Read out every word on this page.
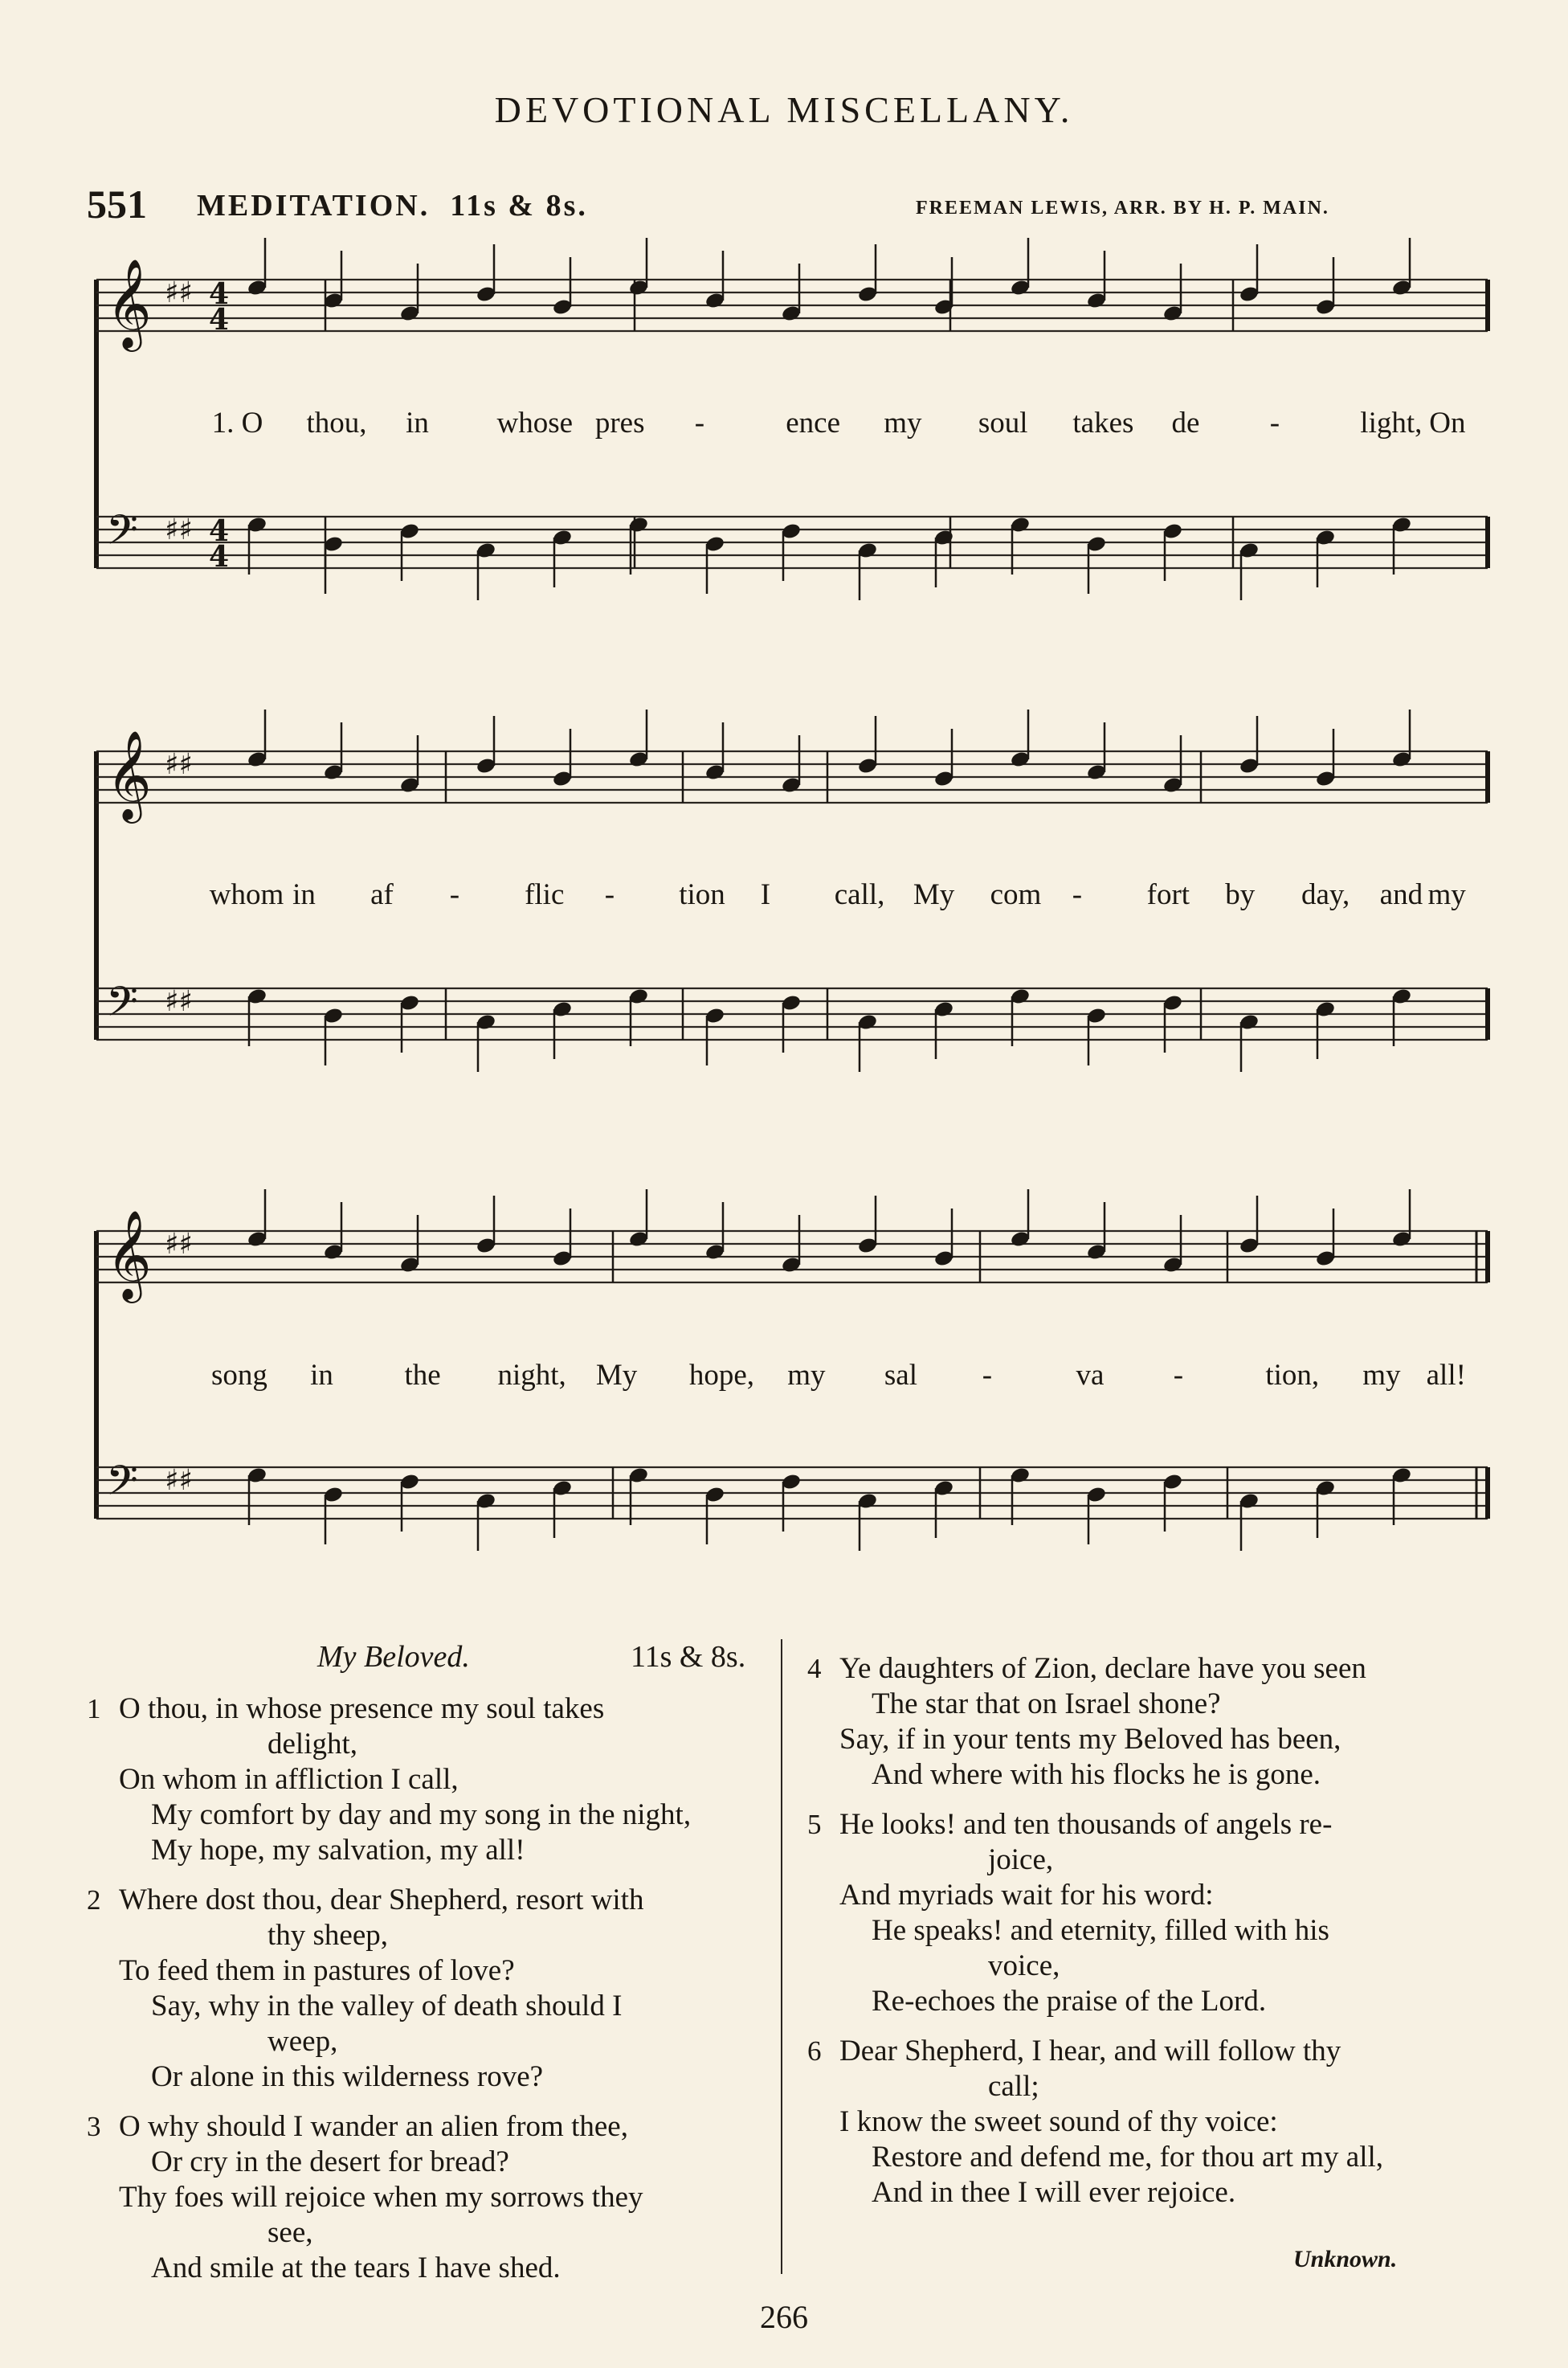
DEVOTIONAL MISCELLANY.
551 MEDITATION. 11s & 8s.	FREEMAN LEWIS, ARR. BY H. P. MAIN.
𝄞 ♯♯ 4
4
𝄢 ♯♯ 4
4
𝄞 ♯♯
𝄢 ♯♯
𝄞 ♯♯
𝄢 ♯♯
1. O thou, in whose pres -	ence my soul takes de -	light, On
whom in af - flic - tion I call, My com - fort by day, and my
song in the night, My hope, my sal -	va -	tion, my all!
My Beloved.	11s & 8s.
1 O thou, in whose presence my soul takes
delight,
On whom in affliction I call,
My comfort by day and my song in the night,
My hope, my salvation, my all!
2 Where dost thou, dear Shepherd, resort with
thy sheep,
To feed them in pastures of love?
Say, why in the valley of death should I
weep,
Or alone in this wilderness rove?
3 O why should I wander an alien from thee,
Or cry in the desert for bread?
Thy foes will rejoice when my sorrows they
see,
And smile at the tears I have shed.
4 Ye daughters of Zion, declare have you seen
The star that on Israel shone?
Say, if in your tents my Beloved has been,
And where with his flocks he is gone.
5 He looks! and ten thousands of angels re-
joice,
And myriads wait for his word:
He speaks! and eternity, filled with his
voice,
Re-echoes the praise of the Lord.
6 Dear Shepherd, I hear, and will follow thy
call;
I know the sweet sound of thy voice:
Restore and defend me, for thou art my all,
And in thee I will ever rejoice.
Unknown.
266
